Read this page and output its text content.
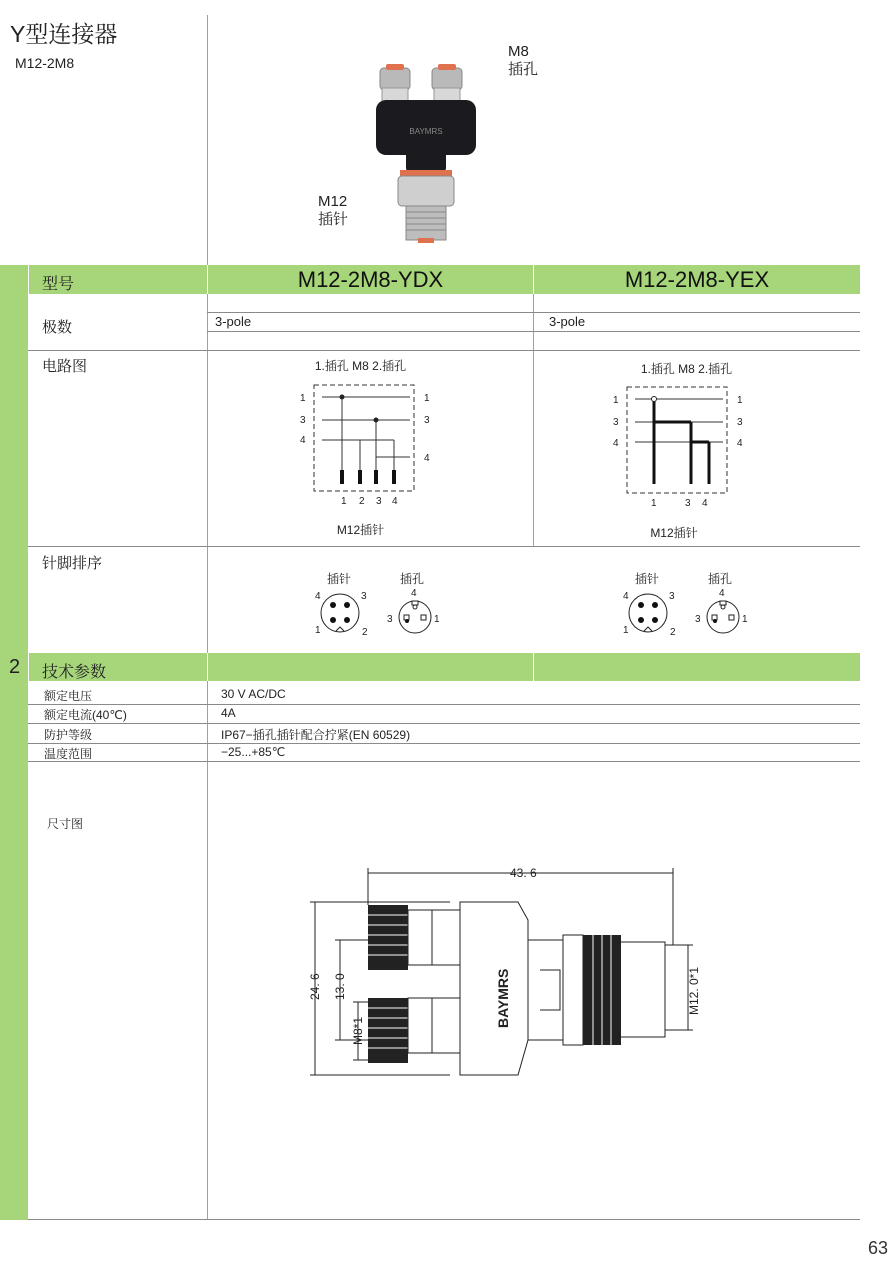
Y型连接器
M12-2M8
BAYMRS
M8
插孔
M12
插针
型号	M12-2M8-YDX	M12-2M8-YEX
极数	3-pole	3-pole
电路图	1.插孔 M8 2.插孔	1.插孔 M8 2.插孔
1
3
4
1
3
4
1 2 3 4
M12插针
1
3
4
1
3
4
1	3 4
M12插针
针脚排序
插针	插孔
4	3
1	2
4
3	1
插针	插孔
4	3
1	2
4
3	1
2 技术参数
额定电压	30 V AC/DC
额定电流(40℃)	4A
防护等级	IP67−插孔插针配合拧紧(EN 60529)
温度范围	−25...+85℃
尺寸图
43. 6
24. 6 13. 0
M8*1
M12. 0*1
BAYMRS
63
